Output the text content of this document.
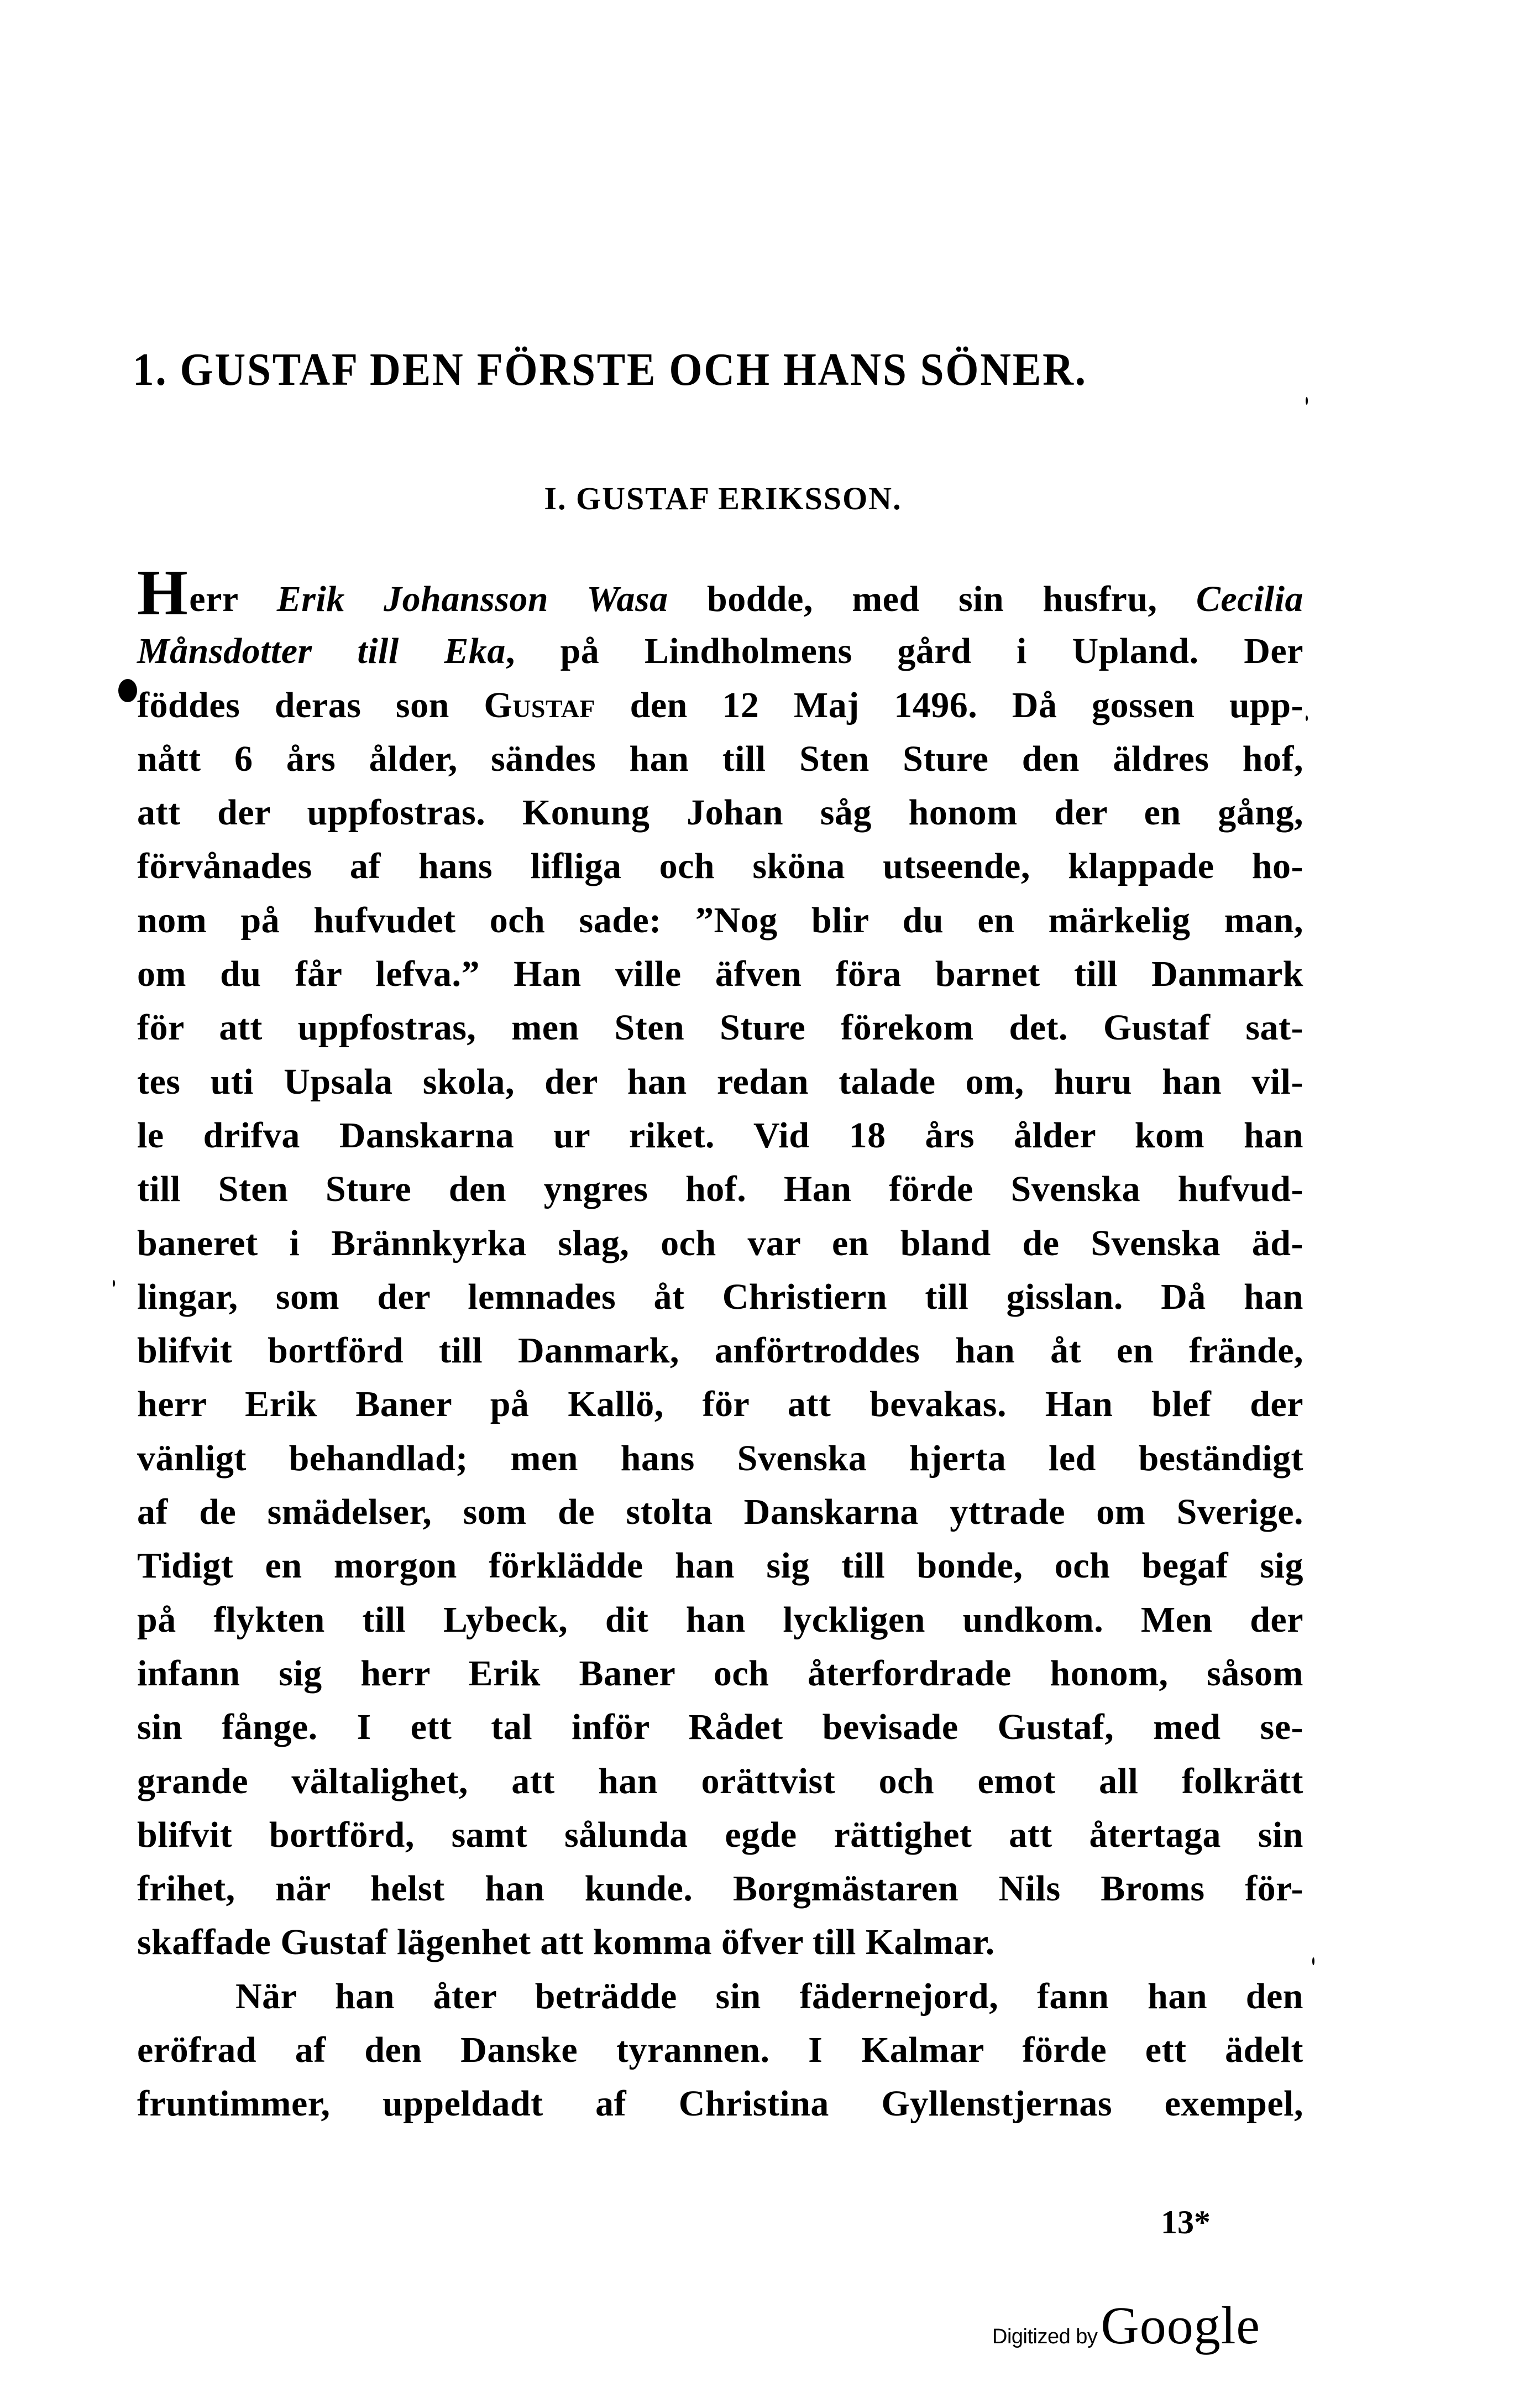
1. GUSTAF DEN FÖRSTE OCH HANS SÖNER.
I. GUSTAF ERIKSSON.
Herr Erik Johansson Wasa bodde, med sin husfru, Cecilia
Månsdotter till Eka, på Lindholmens gård i Upland. Der
föddes deras son Gustaf den 12 Maj 1496. Då gossen upp-
nått 6 års ålder, sändes han till Sten Sture den äldres hof,
att der uppfostras. Konung Johan såg honom der en gång,
förvånades af hans lifliga och sköna utseende, klappade ho-
nom på hufvudet och sade: ”Nog blir du en märkelig man,
om du får lefva.” Han ville äfven föra barnet till Danmark
för att uppfostras, men Sten Sture förekom det. Gustaf sat-
tes uti Upsala skola, der han redan talade om, huru han vil-
le drifva Danskarna ur riket. Vid 18 års ålder kom han
till Sten Sture den yngres hof. Han förde Svenska hufvud-
baneret i Brännkyrka slag, och var en bland de Svenska äd-
lingar, som der lemnades åt Christiern till gisslan. Då han
blifvit bortförd till Danmark, anförtroddes han åt en frände,
herr Erik Baner på Kallö, för att bevakas. Han blef der
vänligt behandlad; men hans Svenska hjerta led beständigt
af de smädelser, som de stolta Danskarna yttrade om Sverige.
Tidigt en morgon förklädde han sig till bonde, och begaf sig
på flykten till Lybeck, dit han lyckligen undkom. Men der
infann sig herr Erik Baner och återfordrade honom, såsom
sin fånge. I ett tal inför Rådet bevisade Gustaf, med se-
grande vältalighet, att han orättvist och emot all folkrätt
blifvit bortförd, samt sålunda egde rättighet att återtaga sin
frihet, när helst han kunde. Borgmästaren Nils Broms för-
skaffade Gustaf lägenhet att komma öfver till Kalmar.
När han åter beträdde sin fädernejord, fann han den
eröfrad af den Danske tyrannen. I Kalmar förde ett ädelt
fruntimmer, uppeldadt af Christina Gyllenstjernas exempel,
13*
Digitized by Google
